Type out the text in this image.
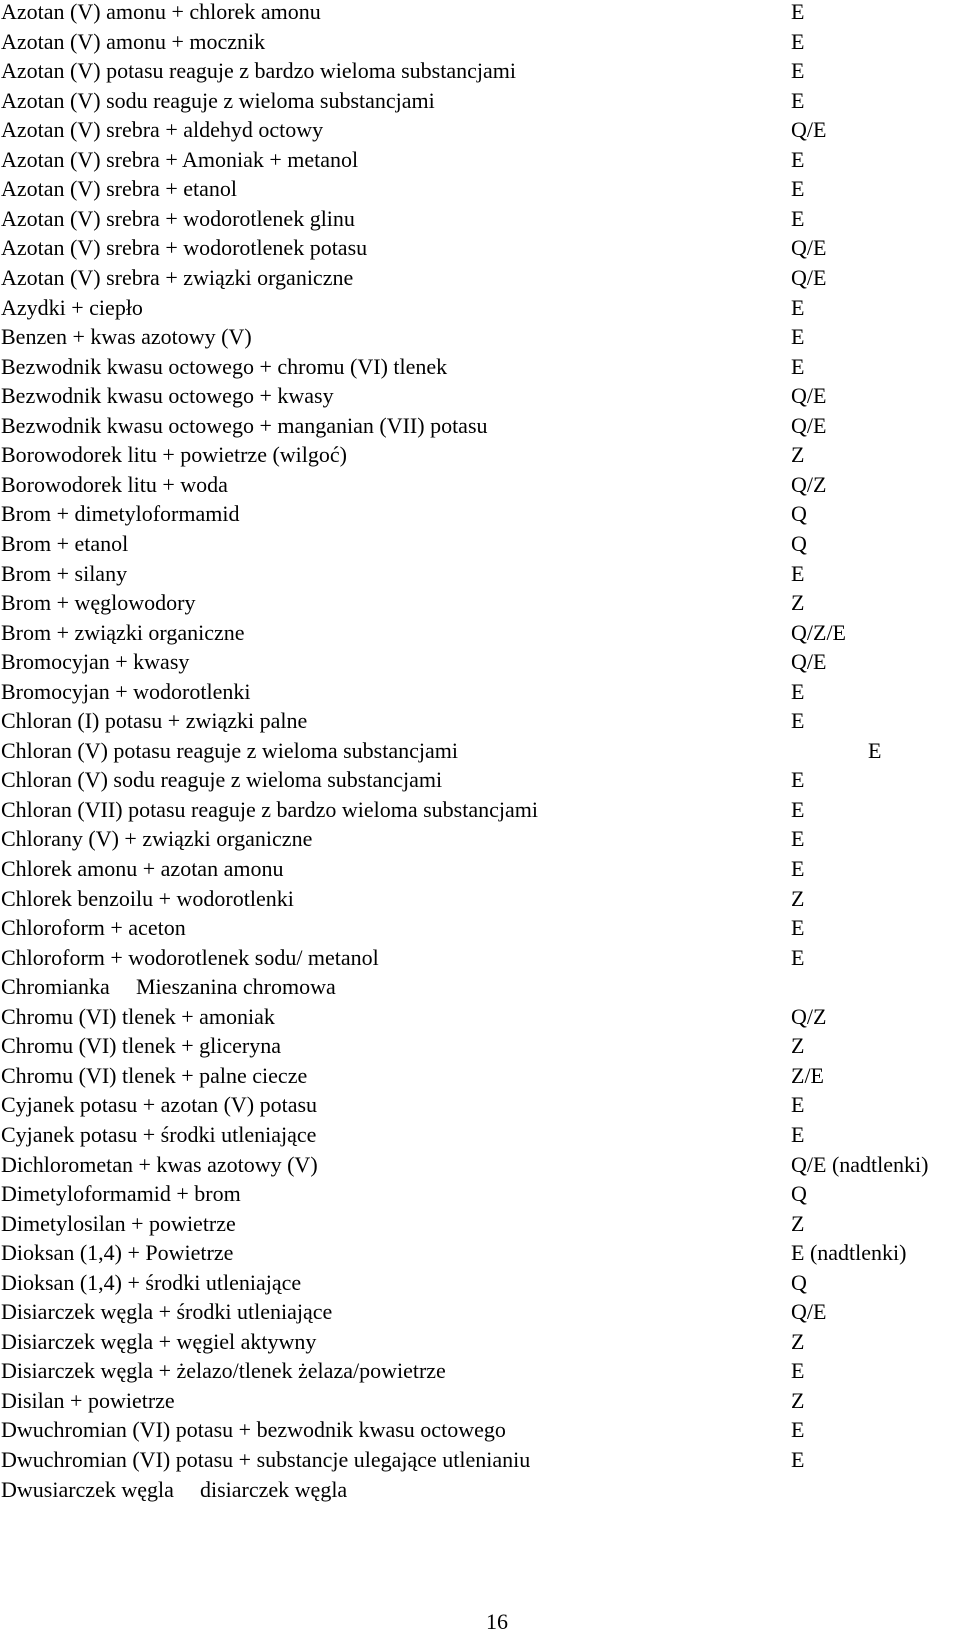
Azotan (V) amonu + chlorek amonu	E
Azotan (V) amonu + mocznik	E
Azotan (V) potasu reaguje z bardzo wieloma substancjami	E
Azotan (V) sodu reaguje z wieloma substancjami	E
Azotan (V) srebra + aldehyd octowy	Q/E
Azotan (V) srebra + Amoniak + metanol	E
Azotan (V) srebra + etanol	E
Azotan (V) srebra + wodorotlenek glinu	E
Azotan (V) srebra + wodorotlenek potasu	Q/E
Azotan (V) srebra + związki organiczne	Q/E
Azydki + ciepło	E
Benzen + kwas azotowy (V)	E
Bezwodnik kwasu octowego + chromu (VI) tlenek	E
Bezwodnik kwasu octowego + kwasy	Q/E
Bezwodnik kwasu octowego + manganian (VII) potasu	Q/E
Borowodorek litu + powietrze (wilgoć)	Z
Borowodorek litu + woda	Q/Z
Brom + dimetyloformamid	Q
Brom + etanol	Q
Brom + silany	E
Brom + węglowodory	Z
Brom + związki organiczne	Q/Z/E
Bromocyjan + kwasy	Q/E
Bromocyjan + wodorotlenki	E
Chloran (I) potasu + związki palne	E
Chloran (V) potasu reaguje z wieloma substancjami	E
Chloran (V) sodu reaguje z wieloma substancjami	E
Chloran (VII) potasu reaguje z bardzo wieloma substancjami	E
Chlorany (V) + związki organiczne	E
Chlorek amonu + azotan amonu	E
Chlorek benzoilu + wodorotlenki	Z
Chloroform + aceton	E
Chloroform + wodorotlenek sodu/ metanol	E
Chromianka Mieszanina chromowa
Chromu (VI) tlenek + amoniak	Q/Z
Chromu (VI) tlenek + gliceryna	Z
Chromu (VI) tlenek + palne ciecze	Z/E
Cyjanek potasu + azotan (V) potasu	E
Cyjanek potasu + środki utleniające	E
Dichlorometan + kwas azotowy (V)	Q/E (nadtlenki)
Dimetyloformamid + brom	Q
Dimetylosilan + powietrze	Z
Dioksan (1,4) + Powietrze	E (nadtlenki)
Dioksan (1,4) + środki utleniające	Q
Disiarczek węgla + środki utleniające	Q/E
Disiarczek węgla + węgiel aktywny	Z
Disiarczek węgla + żelazo/tlenek żelaza/powietrze	E
Disilan + powietrze	Z
Dwuchromian (VI) potasu + bezwodnik kwasu octowego	E
Dwuchromian (VI) potasu + substancje ulegające utlenianiu	E
Dwusiarczek węgla disiarczek węgla
16
